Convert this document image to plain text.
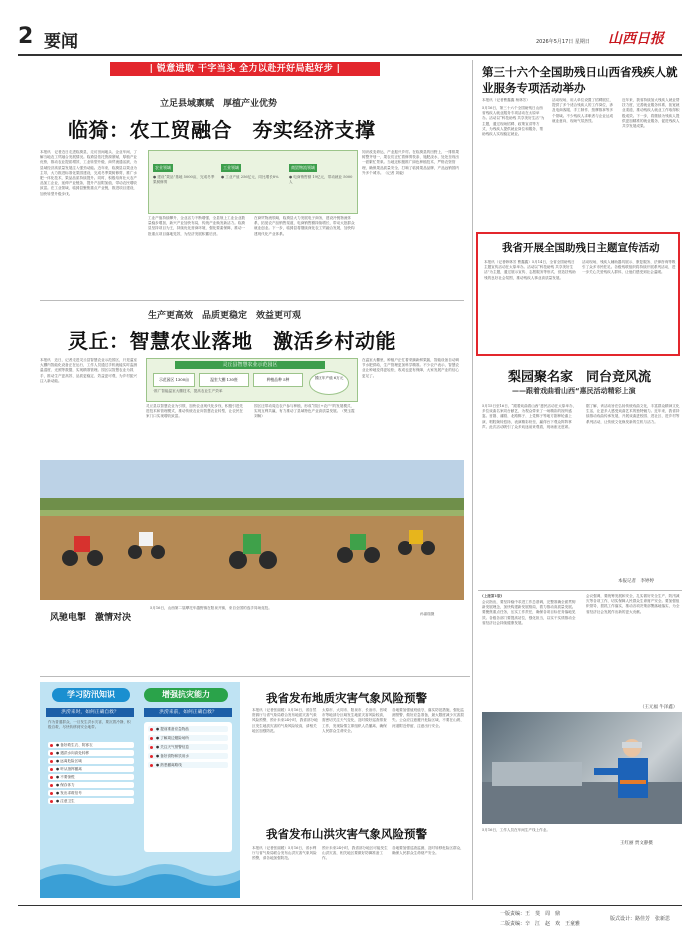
2 要闻	2026年5月17日 星期日 山西日报
| 锐意进取 干字当头 全力以赴开好局起好步 |
立足县域禀赋　厚植产业优势
临猗：农工贸融合　夯实经济支撑
本报讯　记者近日走进临猗县，走访田间地头、企业车间，了解当地农工贸融合发展情况。临猗县依托资源禀赋，厚植产业优势，推动农业提质增效、工业转型升级、商贸流通活跃，为县域经济高质量发展注入强劲动能。近年来，临猗县以果业为主导，大力推进标准化果园建设，完成冬季果树修剪，推广水肥一体化技术，果品品质持续提升。同时，积极培育壮大农产品加工企业，延伸产业链条，提升产品附加值，带动农民增收致富。在工业领域，临猗县聚焦重点产业链，推进项目建设，加快转型升级步伐。
农业领域
● 建设“果品”基地 5000亩，完成冬季果树修剪
工业领域
● 工业产值 256亿元，同比增长8%
商贸物流领域
● 电商销售额 19亿元，带动就业 5000人
工业产值持续攀升，企业活力不断增强，全县规上工业企业数量稳步增加，新兴产业加快布局，传统产业焕发新活力。临猗县坚持项目为王，持续优化营商环境，强化要素保障，推动一批重点项目落地见效，为经济发展积蓄后劲。
在商贸物流领域，临猗县大力发展电子商务，建设冷链物流体系，拓宽农产品销售渠道，电商销售额持续增长，带动大批群众就业创业。下一步，临猗县将继续深化农工贸融合发展，加快构建现代化产业体系。
知识改变命运，产业振兴乡村。在临猗县的田野上，一排排果树整齐划一，果农们正忙着修剪枝条、施肥浇水，处处呈现出一派繁忙景象。当地还积极推广绿色种植技术，严格农资管理，确保果品质量安全，打响了临猗果品品牌，产品远销国内外多个城市。（记者 刘毅）
生产更高效　品质更稳定　效益更可观
灵丘：智慧农业落地　激活乡村动能
本报讯　近日，记者走进灵丘县智慧农业示范园区，只见温室大棚内智能化设备正在运行，工作人员通过手机就能实时监测温湿度、光照等数据，实现精准管理。园区以智慧农业为抓手，推动生产更高效、品质更稳定、效益更可观，为乡村振兴注入新动能。
灵丘县智慧农业示范园区
示范园区 1300亩	温室大棚 130座	种植品种 5种	园区年产值 6万元
·推广智能温室大棚技术，提高农业生产效率
灵丘县以智慧农业为引领，加快农业现代化步伐，积极引进先进技术和管理模式，推动传统农业向智慧农业转型，让农民在家门口实现增收致富。
园区还带动周边农户参与种植，形成“园区+农户”的发展模式，实现互利共赢，有力推动了县域特色产业高质量发展。（樊玉霞 刘畅）
在温室大棚里，种植户正忙着采摘新鲜果蔬，智能设备自动调节水肥供给，生产管理更加科学精准。不少农户表示，智慧农业让种地变得更轻松，收成也更有保障，大家发展产业的信心更足了。
风驰电掣　激情对决
5月16日，山西第二届摩托车越野赛在阳泉开赛，来自全国的选手同场竞技。
孙嘉瑞摄
第三十六个全国助残日山西省残疾人就业服务专项活动举办
本报讯（记者曹鑫鑫 杨林芳）
5月16日，第三十六个全国助残日山西省残疾人就业服务专项活动在太原举办。活动以“科技助残 共享美好生活”为主题，通过现场招聘、政策宣讲等方式，为残疾人提供就业岗位和服务，帮助残疾人实现稳定就业。
活动现场，用人单位设置了招聘展位，提供了多个适合残疾人的工作岗位，涉及电商客服、手工制作、按摩推拿等多个领域。不少残疾人求职者与企业达成就业意向，现场气氛热烈。
近年来，我省持续加大残疾人就业帮扶力度，完善就业服务体系，拓宽就业渠道，推动残疾人就业工作取得积极成效。下一步，将继续为残疾人提供更加精准的就业服务，促进残疾人共享发展成果。
我省开展全国助残日主题宣传活动
本报讯（记者韩林芳 曹鑫鑫）5月14日，全省全国助残日主题宣传活动在太原举办。活动以“科技助残 共享美好生活”为主题，通过展示宣传、志愿服务等形式，营造扶残助残的良好社会氛围，推动残疾人事业高质量发展。
活动现场，残疾人辅助器具展示、康复服务、法律咨询等吸引了众多市民驻足。各级残联组织将持续开展系列活动，进一步关心关爱残疾人群体，让他们感受到社会温暖。
梨园聚名家　同台竞风流
——跟着戏曲看山西“惠民活动精彩上演
5月15日至16日，“跟着戏曲看山西”惠民活动在太原举办，多位戏曲名家同台献艺，为观众带来了一场精彩的视听盛宴。晋剧、蒲剧、北路梆子、上党梆子等地方剧种轮番上演，唱腔婉转悠扬，表演精彩纷呈，赢得台下观众阵阵掌声。此次活动吸引了众多戏迷前来观看，现场座无虚席。
据了解，该活动旨在弘扬传统戏曲文化，丰富群众精神文化生活，让更多人感受戏曲艺术的独特魅力。近年来，我省持续推动戏曲传承发展，开展戏曲进校园、进社区、进乡村等系列活动，让传统文化焕发新的生机与活力。
本报记者　李婷婷
(上接第1版)
会议指出，要坚持稳中求进工作总基调，完整准确全面贯彻新发展理念，加快构建新发展格局，着力推动高质量发展。要聚焦重点任务，压实工作责任，确保各项目标任务落地见效。各级各部门要提高站位，强化担当，以实干实绩推动全省经济社会持续健康发展。
会议强调，要统筹发展和安全，扎实做好安全生产、防汛减灾等各项工作，切实保障人民群众生命财产安全。要加强组织领导，狠抓工作落实，推动各项决策部署落地落实，为全省经济社会发展作出新的更大贡献。
（王元福 牛泽鑫）
5月16日，工作人员在车间生产线上作业。
王红丽 贾文静摄
学习防汛知识	增强抗灾能力
洪涝来时，如何正确自救？	洪涝来前，如何正确自救？
作为普通群众，一旦发生洪水灾害，要沉着冷静，积极自救，尽快转移到安全地带。
● 备好救生衣、防寒衣
● 遇洪水向高处转移
● 远离危险区域
● 听从指挥撤离
● 不要惊慌
● 保存体力
● 发出求救信号
● 注意卫生
● 提前准备应急物品
● 了解周边避险场所
● 关注天气预警信息
● 备好食物和饮用水
● 熟悉撤离路线
我省发布地质灾害气象风险预警
本报讯（记者张丽媛）5月16日，省自然资源厅与省气象局联合发布地质灾害气象风险预警，预计未来24小时，我省部分地区发生地质灾害的气象风险较高，请相关地区加强防范。
太原市、大同市、阳泉市、长治市、晋城市等地部分区域发生地质灾害风险较高，需密切关注天气变化，及时做好巡查排查工作，发现险情立即组织人员撤离，确保人民群众生命安全。
各地要加强值班值守，落实防范措施，强化监测预警，做好应急准备，最大限度减少灾害损失。公众应注意避开危险区域，不要在山坡、河道附近停留，注意出行安全。
我省发布山洪灾害气象风险预警
本报讯（记者张丽媛）5月16日，省水利厅与省气象局联合发布山洪灾害气象风险预警，请各地加强防范。
预计未来24小时，我省部分地区可能发生山洪灾害，相关地区要做好防御准备工作。
各地要加强巡查监测，及时转移危险区群众，确保人民群众生命财产安全。
一版责编：王　斐　周　鼎
二版责编：辛　江　赵　欢　王童雅
版式设计：路佳芳　张新思
